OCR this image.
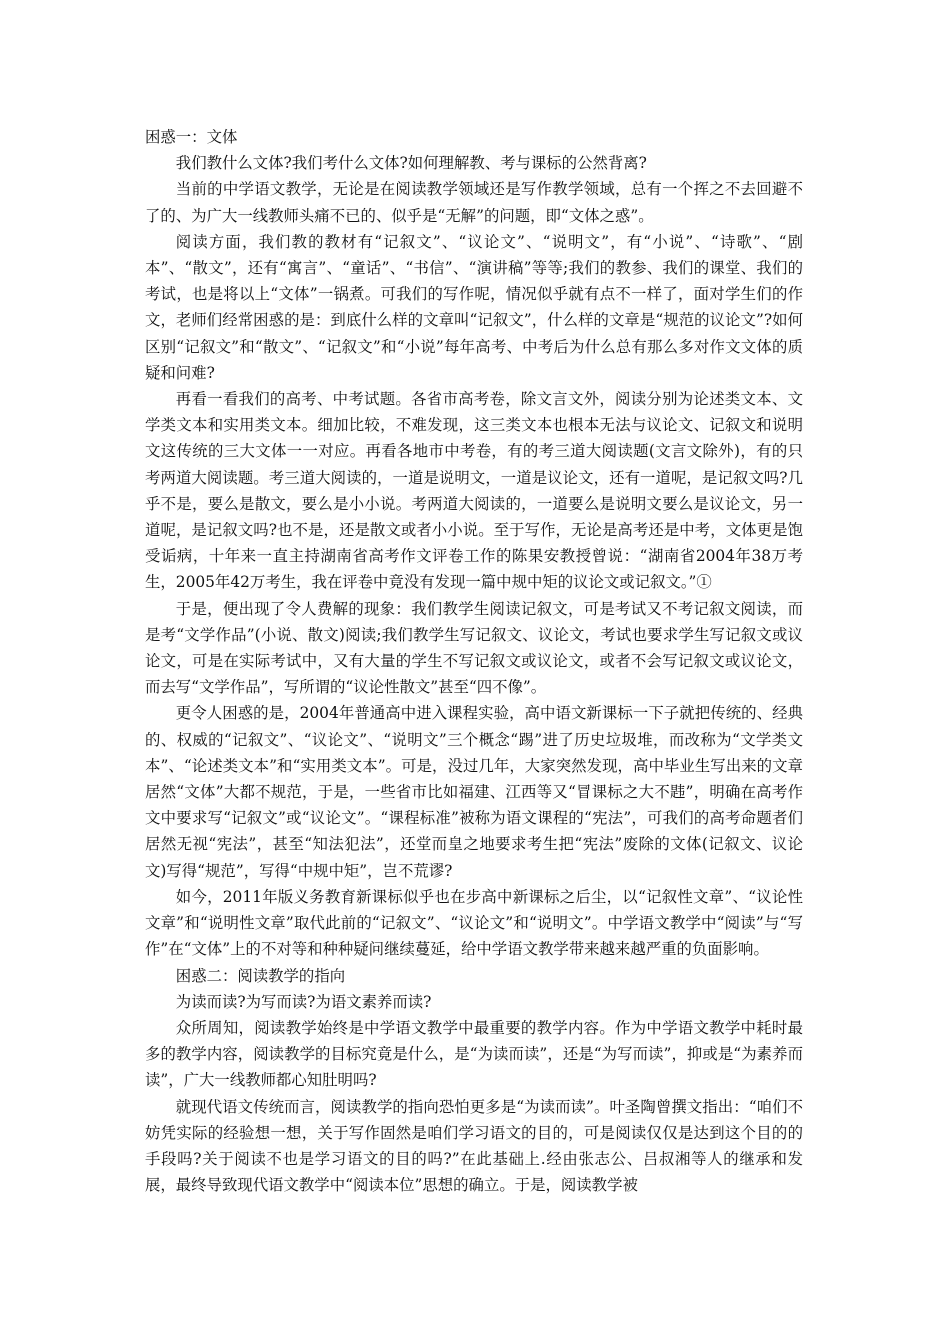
困惑一：文体

我们教什么文体?我们考什么文体?如何理解教、考与课标的公然背离?

当前的中学语文教学，无论是在阅读教学领域还是写作教学领域，总有一个挥之不去回避不了的、为广大一线教师头痛不已的、似乎是“无解”的问题，即“文体之惑”。

阅读方面，我们教的教材有“记叙文”、“议论文”、“说明文”，有“小说”、“诗歌”、“剧本”、“散文”，还有“寓言”、“童话”、“书信”、“演讲稿”等等;我们的教参、我们的课堂、我们的考试，也是将以上“文体”一锅煮。可我们的写作呢，情况似乎就有点不一样了，面对学生们的作文，老师们经常困惑的是：到底什么样的文章叫“记叙文”，什么样的文章是“规范的议论文”?如何区别“记叙文”和“散文”、“记叙文”和“小说”每年高考、中考后为什么总有那么多对作文文体的质疑和问难?

再看一看我们的高考、中考试题。各省市高考卷，除文言文外，阅读分别为论述类文本、文学类文本和实用类文本。细加比较，不难发现，这三类文本也根本无法与议论文、记叙文和说明文这传统的三大文体一一对应。再看各地市中考卷，有的考三道大阅读题(文言文除外)，有的只考两道大阅读题。考三道大阅读的，一道是说明文，一道是议论文，还有一道呢，是记叙文吗?几乎不是，要么是散文，要么是小小说。考两道大阅读的，一道要么是说明文要么是议论文，另一道呢，是记叙文吗?也不是，还是散文或者小小说。至于写作，无论是高考还是中考，文体更是饱受诟病，十年来一直主持湖南省高考作文评卷工作的陈果安教授曾说：“湖南省2004年38万考生，2005年42万考生，我在评卷中竟没有发现一篇中规中矩的议论文或记叙文。”①

于是，便出现了令人费解的现象：我们教学生阅读记叙文，可是考试又不考记叙文阅读，而是考“文学作品”(小说、散文)阅读;我们教学生写记叙文、议论文，考试也要求学生写记叙文或议论文，可是在实际考试中，又有大量的学生不写记叙文或议论文，或者不会写记叙文或议论文，而去写“文学作品”，写所谓的“议论性散文”甚至“四不像”。

更令人困惑的是，2004年普通高中进入课程实验，高中语文新课标一下子就把传统的、经典的、权威的“记叙文”、“议论文”、“说明文”三个概念“踢”进了历史垃圾堆，而改称为“文学类文本”、“论述类文本”和“实用类文本”。可是，没过几年，大家突然发现，高中毕业生写出来的文章居然“文体”大都不规范，于是，一些省市比如福建、江西等又“冒课标之大不韪”，明确在高考作文中要求写“记叙文”或“议论文”。“课程标准”被称为语文课程的“宪法”，可我们的高考命题者们居然无视“宪法”，甚至“知法犯法”，还堂而皇之地要求考生把“宪法”废除的文体(记叙文、议论文)写得“规范”，写得“中规中矩”，岂不荒谬?

如今，2011年版义务教育新课标似乎也在步高中新课标之后尘，以“记叙性文章”、“议论性文章”和“说明性文章”取代此前的“记叙文”、“议论文”和“说明文”。中学语文教学中“阅读”与“写作”在“文体”上的不对等和种种疑问继续蔓延，给中学语文教学带来越来越严重的负面影响。

困惑二：阅读教学的指向

为读而读?为写而读?为语文素养而读?

众所周知，阅读教学始终是中学语文教学中最重要的教学内容。作为中学语文教学中耗时最多的教学内容，阅读教学的目标究竟是什么，是“为读而读”，还是“为写而读”，抑或是“为素养而读”，广大一线教师都心知肚明吗?

就现代语文传统而言，阅读教学的指向恐怕更多是“为读而读”。叶圣陶曾撰文指出：“咱们不妨凭实际的经验想一想，关于写作固然是咱们学习语文的目的，可是阅读仅仅是达到这个目的的手段吗?关于阅读不也是学习语文的目的吗?”在此基础上.经由张志公、吕叔湘等人的继承和发展，最终导致现代语文教学中“阅读本位”思想的确立。于是，阅读教学被
